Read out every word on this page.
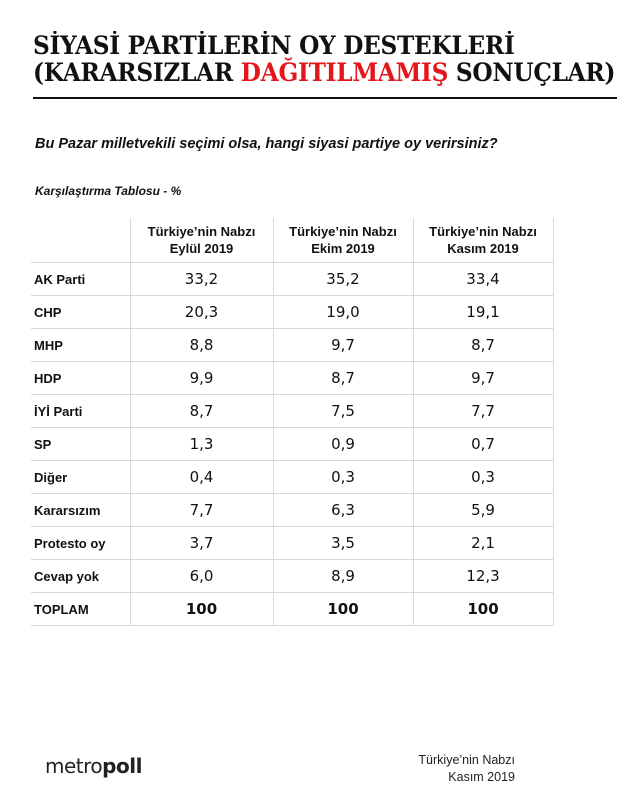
SİYASİ PARTİLERİN OY DESTEKLERİ
(KARARSIZLAR DAĞITILMAMIŞ SONUÇLAR)
Bu Pazar milletvekili seçimi olsa, hangi siyasi partiye oy verirsiniz?
Karşılaştırma Tablosu - %

Türkiye’nin Nabzı
Eylül 2019

Türkiye’nin Nabzı
Ekim 2019

Türkiye’nin Nabzı
Kasım 2019

AK Parti	33,2	35,2	33,4
CHP	20,3	19,0	19,1
MHP	8,8	9,7	8,7
HDP	9,9	8,7	9,7
İYİ Parti	8,7	7,5	7,7
SP	1,3	0,9	0,7
Diğer	0,4	0,3	0,3
Kararsızım	7,7	6,3	5,9
Protesto oy	3,7	3,5	2,1
Cevap yok	6,0	8,9	12,3
TOPLAM	100	100	100
metropoll	Türkiye’nin Nabzı
Kasım 2019
